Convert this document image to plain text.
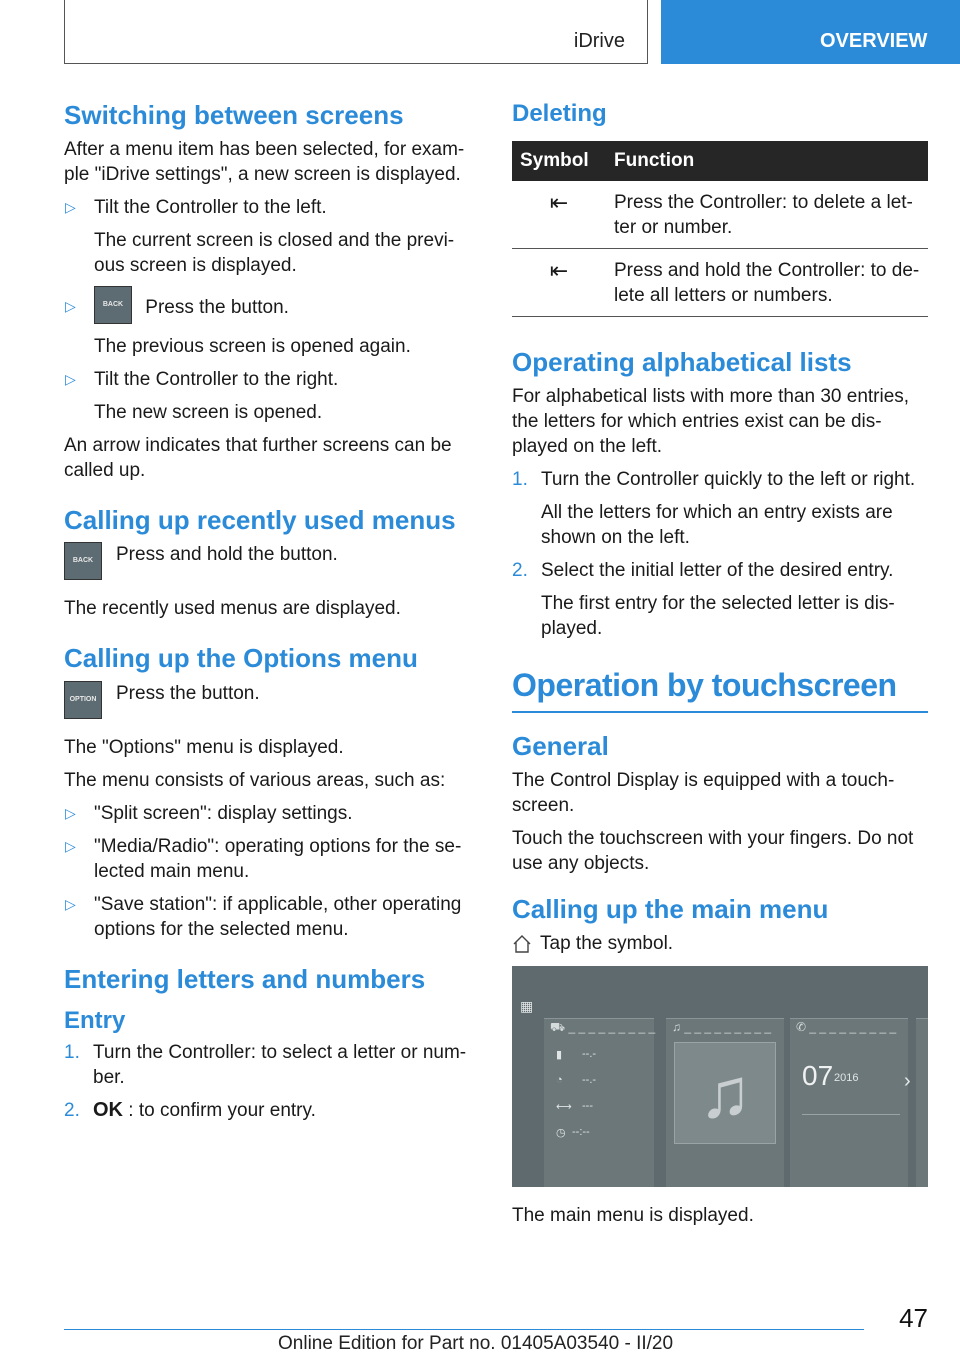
iDrive	OVERVIEW
Switching between screens

After a menu item has been selected, for exam‐ple "iDrive settings", a new screen is displayed.

▷ Tilt the Controller to the left.
The current screen is closed and the previ‐ous screen is displayed.
▷	BACK Press the button.
The previous screen is opened again.
▷ Tilt the Controller to the right.
The new screen is opened.

An arrow indicates that further screens can be called up.

Calling up recently used menus
BACK	Press and hold the button.

The recently used menus are displayed.

Calling up the Options menu
OPTION Press the button.

The "Options" menu is displayed.

The menu consists of various areas, such as:

▷ "Split screen": display settings.
▷ "Media/Radio": operating options for the se‐lected main menu.
▷ "Save station": if applicable, other operating options for the selected menu.
Entering letters and numbers
Entry
1. Turn the Controller: to select a letter or num‐ber.
2. OK : to confirm your entry.
Deleting
Symbol	Function
⇤	Press the Controller: to delete a let‐ter or number.
⇤	Press and hold the Controller: to de‐lete all letters or numbers.
Operating alphabetical lists

For alphabetical lists with more than 30 entries, the letters for which entries exist can be dis‐played on the left.

1. Turn the Controller quickly to the left or right.
All the letters for which an entry exists are shown on the left.
2. Select the initial letter of the desired entry.
The first entry for the selected letter is dis‐played.
Operation by touchscreen
General

The Control Display is equipped with a touch‐screen.

Touch the touchscreen with your fingers. Do not use any objects.

Calling up the main menu
Tap the symbol.
▦
⛟ _ _ _ _ _ _ _ _ _
▮ --.-
◔ --.-
⟷ ---
◷ --:--
♫ _ _ _ _ _ _ _ _ _
♫
✆ _ _ _ _ _ _ _ _ _
07 2016 ›

The main menu is displayed.

47
Online Edition for Part no. 01405A03540 - II/20
